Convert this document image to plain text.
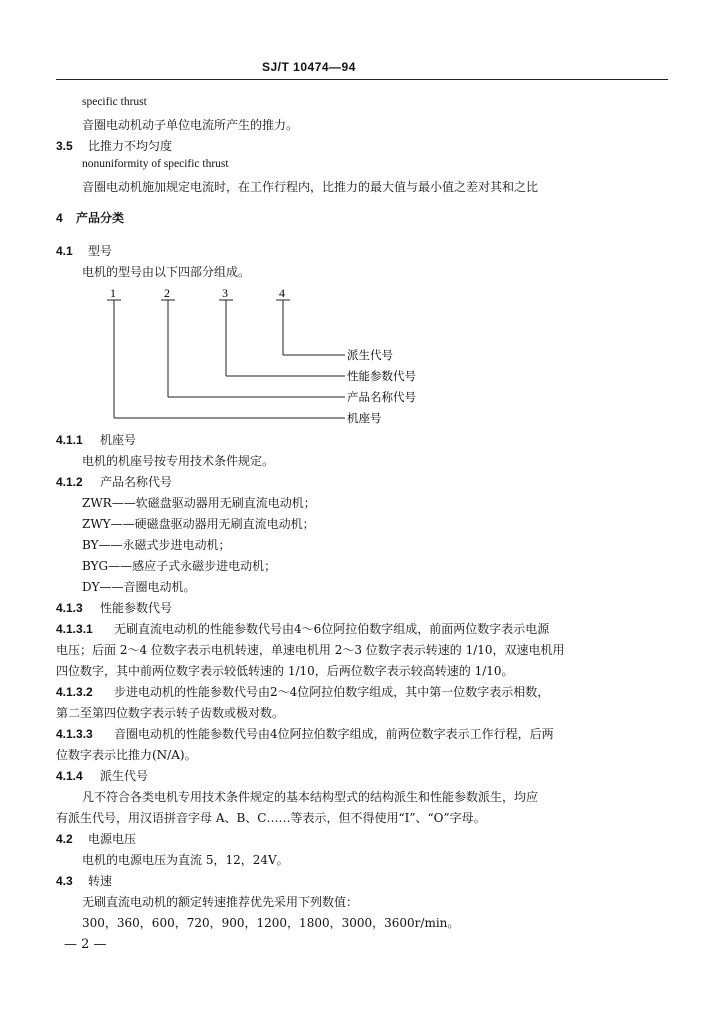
SJ/T 10474—94
specific thrust
音圈电动机动子单位电流所产生的推力。
3.5 比推力不均匀度
nonuniformity of specific thrust
音圈电动机施加规定电流时，在工作行程内，比推力的最大值与最小值之差对其和之比
4 产品分类
4.1 型号
电机的型号由以下四部分组成。
1	2	3	4
派生代号
性能参数代号
产品名称代号
机座号
4.1.1 机座号
电机的机座号按专用技术条件规定。
4.1.2 产品名称代号
ZWR——软磁盘驱动器用无刷直流电动机；
ZWY——硬磁盘驱动器用无刷直流电动机；
BY——永磁式步进电动机；
BYG——感应子式永磁步进电动机；
DY——音圈电动机。
4.1.3 性能参数代号
4.1.3.1 无刷直流电动机的性能参数代号由4～6位阿拉伯数字组成，前面两位数字表示电源
电压；后面 2～4 位数字表示电机转速，单速电机用 2～3 位数字表示转速的 1/10，双速电机用
四位数字，其中前两位数字表示较低转速的 1/10，后两位数字表示较高转速的 1/10。
4.1.3.2 步进电动机的性能参数代号由2～4位阿拉伯数字组成，其中第一位数字表示相数，
第二至第四位数字表示转子齿数或极对数。
4.1.3.3 音圈电动机的性能参数代号由4位阿拉伯数字组成，前两位数字表示工作行程，后两
位数字表示比推力(N/A)。
4.1.4 派生代号
凡不符合各类电机专用技术条件规定的基本结构型式的结构派生和性能参数派生，均应
有派生代号，用汉语拼音字母 A、B、C……等表示，但不得使用“I”、“O”字母。
4.2 电源电压
电机的电源电压为直流 5，12，24V。
4.3 转速
无刷直流电动机的额定转速推荐优先采用下列数值：
300，360，600，720，900，1200，1800，3000，3600r/min。
— 2 —
